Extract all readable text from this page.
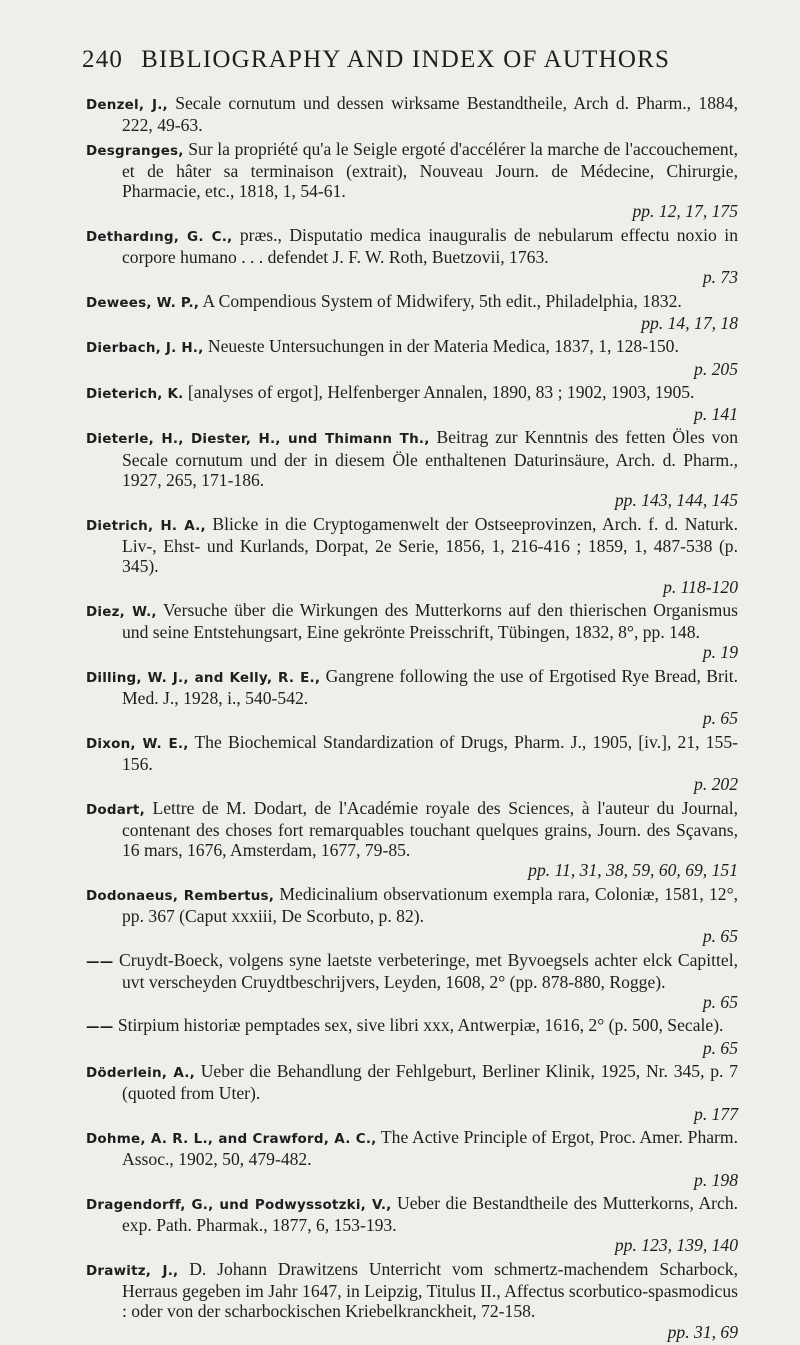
240 BIBLIOGRAPHY AND INDEX OF AUTHORS

Denzel, J., Secale cornutum und dessen wirksame Bestandtheile, Arch d. Pharm., 1884, 222, 49-63.

Desgranges, Sur la propriété qu'a le Seigle ergoté d'accélérer la marche de l'accouchement, et de hâter sa terminaison (extrait), Nouveau Journ. de Médecine, Chirurgie, Pharmacie, etc., 1818, 1, 54-61.
pp. 12, 17, 175

Dethardıng, G. C., præs., Disputatio medica inauguralis de nebularum effectu noxio in corpore humano . . . defendet J. F. W. Roth, Buetzovii, 1763.
p. 73

Dewees, W. P., A Compendious System of Midwifery, 5th edit., Philadelphia, 1832.
pp. 14, 17, 18

Dierbach, J. H., Neueste Untersuchungen in der Materia Medica, 1837, 1, 128-150.
p. 205

Dieterich, K. [analyses of ergot], Helfenberger Annalen, 1890, 83 ; 1902, 1903, 1905.
p. 141

Dieterle, H., Diester, H., und Thimann Th., Beitrag zur Kenntnis des fetten Öles von Secale cornutum und der in diesem Öle enthaltenen Daturinsäure, Arch. d. Pharm., 1927, 265, 171-186.
pp. 143, 144, 145

Dietrich, H. A., Blicke in die Cryptogamenwelt der Ostseeprovinzen, Arch. f. d. Naturk. Liv-, Ehst- und Kurlands, Dorpat, 2e Serie, 1856, 1, 216-416 ; 1859, 1, 487-538 (p. 345).
p. 118-120

Diez, W., Versuche über die Wirkungen des Mutterkorns auf den thierischen Organismus und seine Entstehungsart, Eine gekrönte Preisschrift, Tübingen, 1832, 8°, pp. 148.
p. 19

Dilling, W. J., and Kelly, R. E., Gangrene following the use of Ergotised Rye Bread, Brit. Med. J., 1928, i., 540-542.
p. 65

Dixon, W. E., The Biochemical Standardization of Drugs, Pharm. J., 1905, [iv.], 21, 155-156.
p. 202

Dodart, Lettre de M. Dodart, de l'Académie royale des Sciences, à l'auteur du Journal, contenant des choses fort remarquables touchant quelques grains, Journ. des Sçavans, 16 mars, 1676, Amsterdam, 1677, 79-85.
pp. 11, 31, 38, 59, 60, 69, 151

Dodonaeus, Rembertus, Medicinalium observationum exempla rara, Coloniæ, 1581, 12°, pp. 367 (Caput xxxiii, De Scorbuto, p. 82).
p. 65

—— Cruydt-Boeck, volgens syne laetste verbeteringe, met Byvoegsels achter elck Capittel, uvt verscheyden Cruydtbeschrijvers, Leyden, 1608, 2° (pp. 878-880, Rogge).
p. 65

—— Stirpium historiæ pemptades sex, sive libri xxx, Antwerpiæ, 1616, 2° (p. 500, Secale).
p. 65

Döderlein, A., Ueber die Behandlung der Fehlgeburt, Berliner Klinik, 1925, Nr. 345, p. 7 (quoted from Uter).
p. 177

Dohme, A. R. L., and Crawford, A. C., The Active Principle of Ergot, Proc. Amer. Pharm. Assoc., 1902, 50, 479-482.
p. 198

Dragendorff, G., und Podwyssotzki, V., Ueber die Bestandtheile des Mutterkorns, Arch. exp. Path. Pharmak., 1877, 6, 153-193.
pp. 123, 139, 140

Drawitz, J., D. Johann Drawitzens Unterricht vom schmertz-machendem Scharbock, Herraus gegeben im Jahr 1647, in Leipzig, Titulus II., Affectus scorbutico-spasmodicus : oder von der scharbockischen Kriebelkranckheit, 72-158.
pp. 31, 69
